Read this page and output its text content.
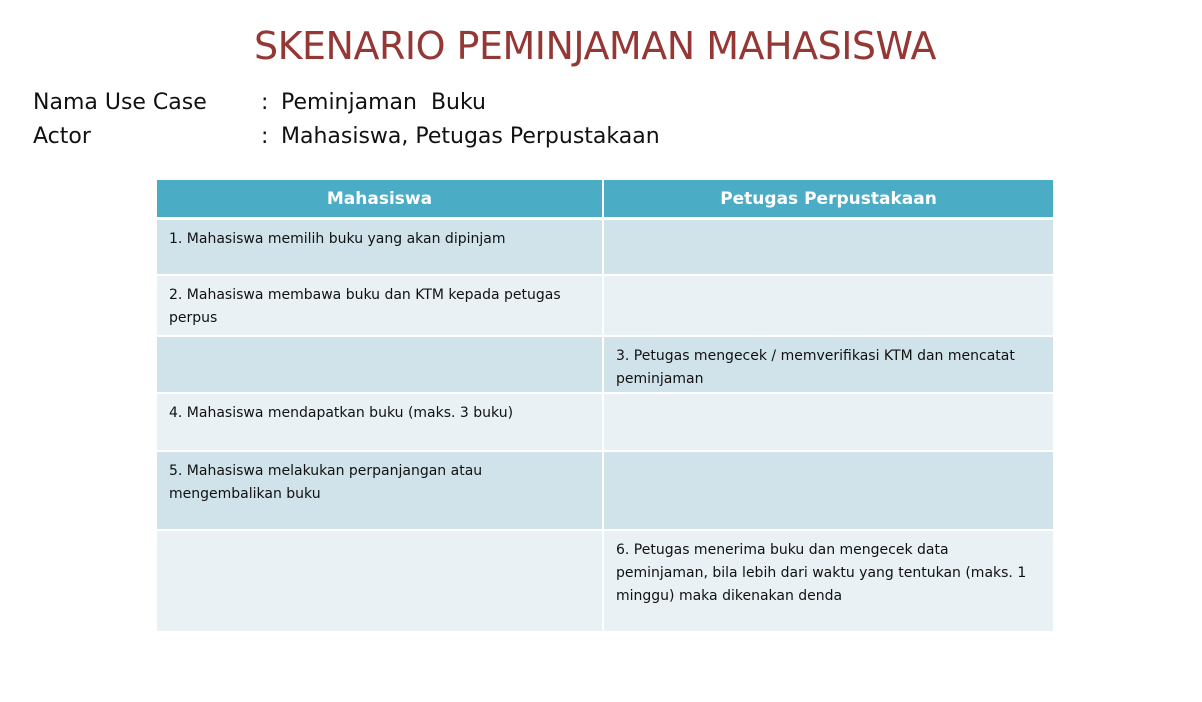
SKENARIO PEMINJAMAN MAHASISWA
Nama Use Case : Peminjaman  Buku
Actor	: Mahasiswa, Petugas Perpustakaan
Mahasiswa	Petugas Perpustakaan
1. Mahasiswa memilih buku yang akan dipinjam	
2. Mahasiswa membawa buku dan KTM kepada petugas perpus	
	3. Petugas mengecek / memverifikasi KTM dan mencatat peminjaman
4. Mahasiswa mendapatkan buku (maks. 3 buku)	
5. Mahasiswa melakukan perpanjangan atau mengembalikan buku	
	6. Petugas menerima buku dan mengecek data peminjaman, bila lebih dari waktu yang tentukan (maks. 1 minggu) maka dikenakan denda
